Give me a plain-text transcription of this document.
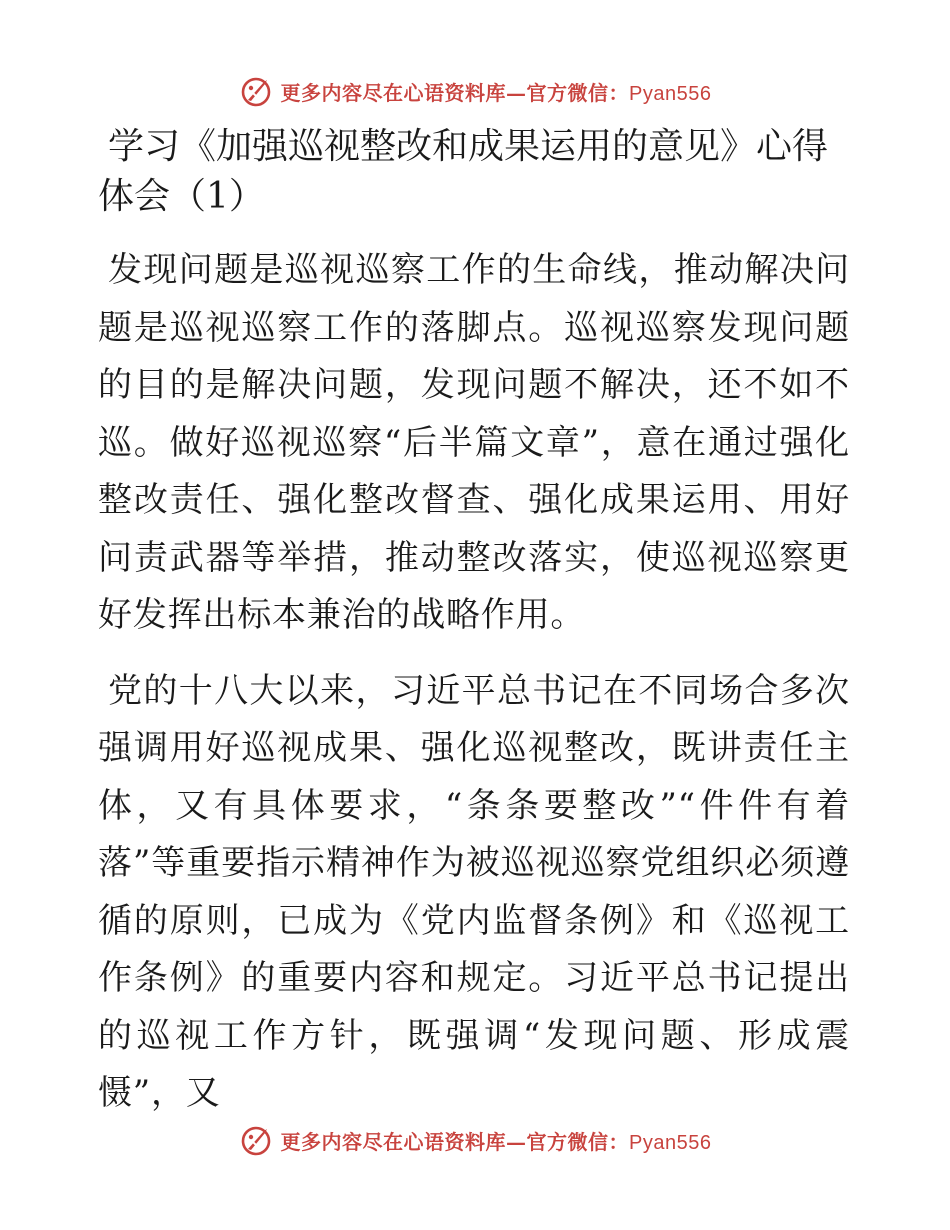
更多内容尽在心语资料库—官方微信：Pyan556
学习《加强巡视整改和成果运用的意见》心得体会（1）

发现问题是巡视巡察工作的生命线，推动解决问题是巡视巡察工作的落脚点。巡视巡察发现问题的目的是解决问题，发现问题不解决，还不如不巡。做好巡视巡察“后半篇文章”，意在通过强化整改责任、强化整改督查、强化成果运用、用好问责武器等举措，推动整改落实，使巡视巡察更好发挥出标本兼治的战略作用。

党的十八大以来，习近平总书记在不同场合多次强调用好巡视成果、强化巡视整改，既讲责任主体，又有具体要求，“条条要整改”“件件有着落”等重要指示精神作为被巡视巡察党组织必须遵循的原则，已成为《党内监督条例》和《巡视工作条例》的重要内容和规定。习近平总书记提出的巡视工作方针，既强调“发现问题、形成震慑”，又

更多内容尽在心语资料库—官方微信：Pyan556
